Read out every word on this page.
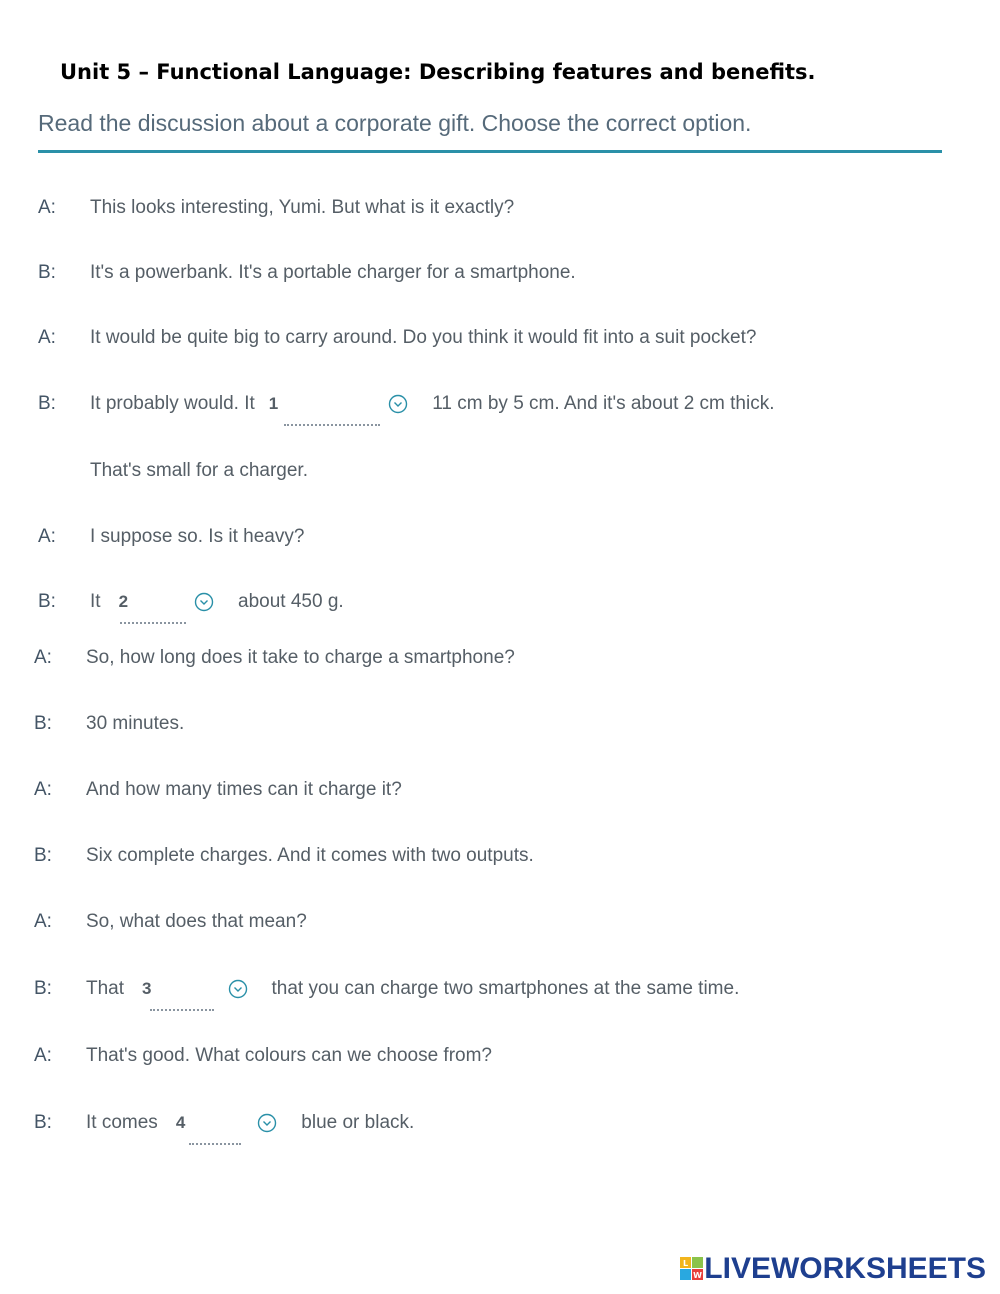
Unit 5 – Functional Language: Describing features and benefits.
Read the discussion about a corporate gift. Choose the correct option.
A:	This looks interesting, Yumi. But what is it exactly?
B:	It's a powerbank. It's a portable charger for a smartphone.
A:	It would be quite big to carry around. Do you think it would fit into a suit pocket?
B:	It probably would. It 1	11 cm by 5 cm. And it's about 2 cm thick.
That's small for a charger.
A:	I suppose so. Is it heavy?
B:	It 2	about 450 g.
A:	So, how long does it take to charge a smartphone?
B:	30 minutes.
A:	And how many times can it charge it?
B:	Six complete charges. And it comes with two outputs.
A:	So, what does that mean?
B:	That 3	that you can charge two smartphones at the same time.
A:	That's good. What colours can we choose from?
B:	It comes 4	blue or black.
L
W LIVEWORKSHEETS
